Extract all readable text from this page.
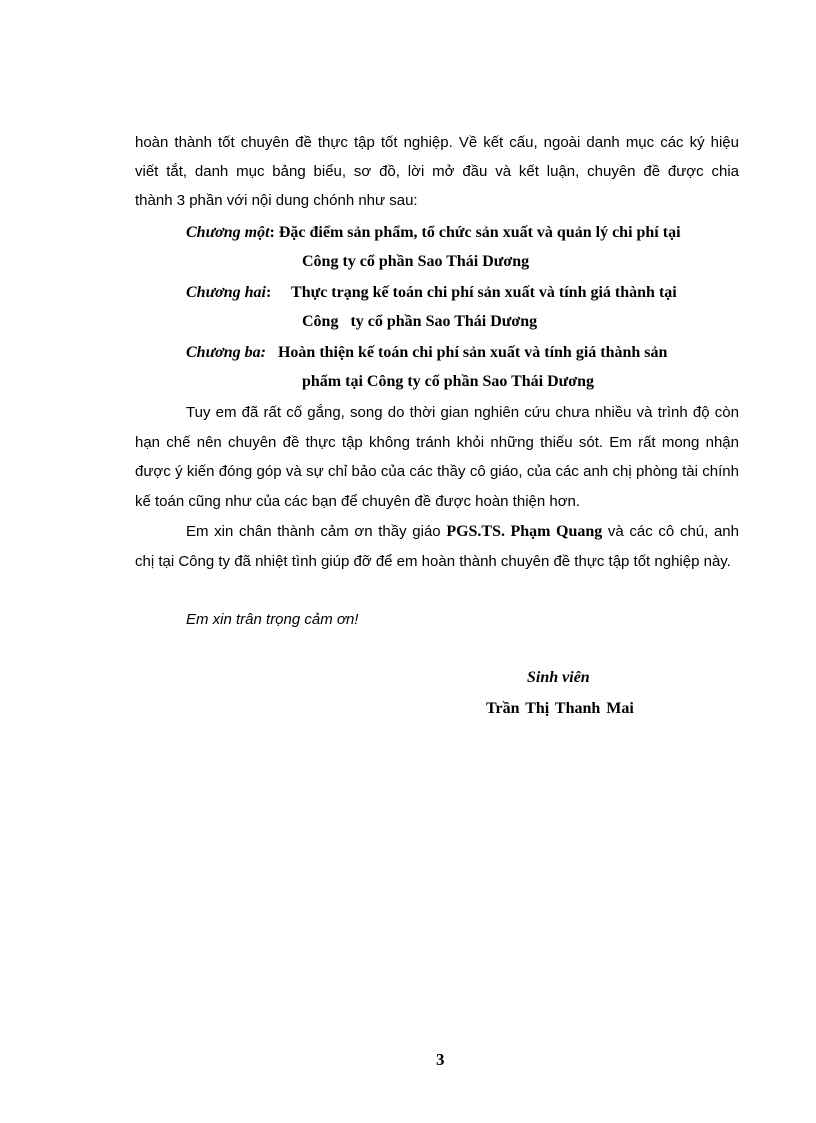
hoàn thành tốt chuyên đề thực tập tốt nghiệp. Về kết cấu, ngoài danh mục các ký hiệu
viết tắt, danh mục bảng biểu, sơ đồ, lời mở đầu và kết luận, chuyên đề được chia
thành 3 phần với nội dung chónh như sau:
Chương một: Đặc điểm sản phẩm, tổ chức sản xuất và quản lý chi phí tại
Công ty cổ phần Sao Thái Dương
Chương hai:     Thực trạng kế toán chi phí sản xuất và tính giá thành tại
Công   ty cổ phần Sao Thái Dương
Chương ba: Hoàn thiện kế toán chi phí sản xuất và tính giá thành sản
phẩm tại Công ty cổ phần Sao Thái Dương
Tuy em đã rất cố gắng, song do thời gian nghiên cứu chưa nhiều và trình độ còn hạn chế nên chuyên đề thực tập không tránh khỏi những thiếu sót. Em rất mong nhận được ý kiến đóng góp và sự chỉ bảo của các thầy cô giáo, của các anh chị phòng tài chính kế toán cũng như của các bạn để chuyên đề được hoàn thiện hơn.
Em xin chân thành cảm ơn thầy giáo PGS.TS. Phạm Quang và các cô chú, anh chị tại Công ty đã nhiệt tình giúp đỡ để em hoàn thành chuyên đề thực tập tốt nghiệp này.
Em xin trân trọng cảm ơn!
Sinh viên
Trần Thị Thanh Mai
3
